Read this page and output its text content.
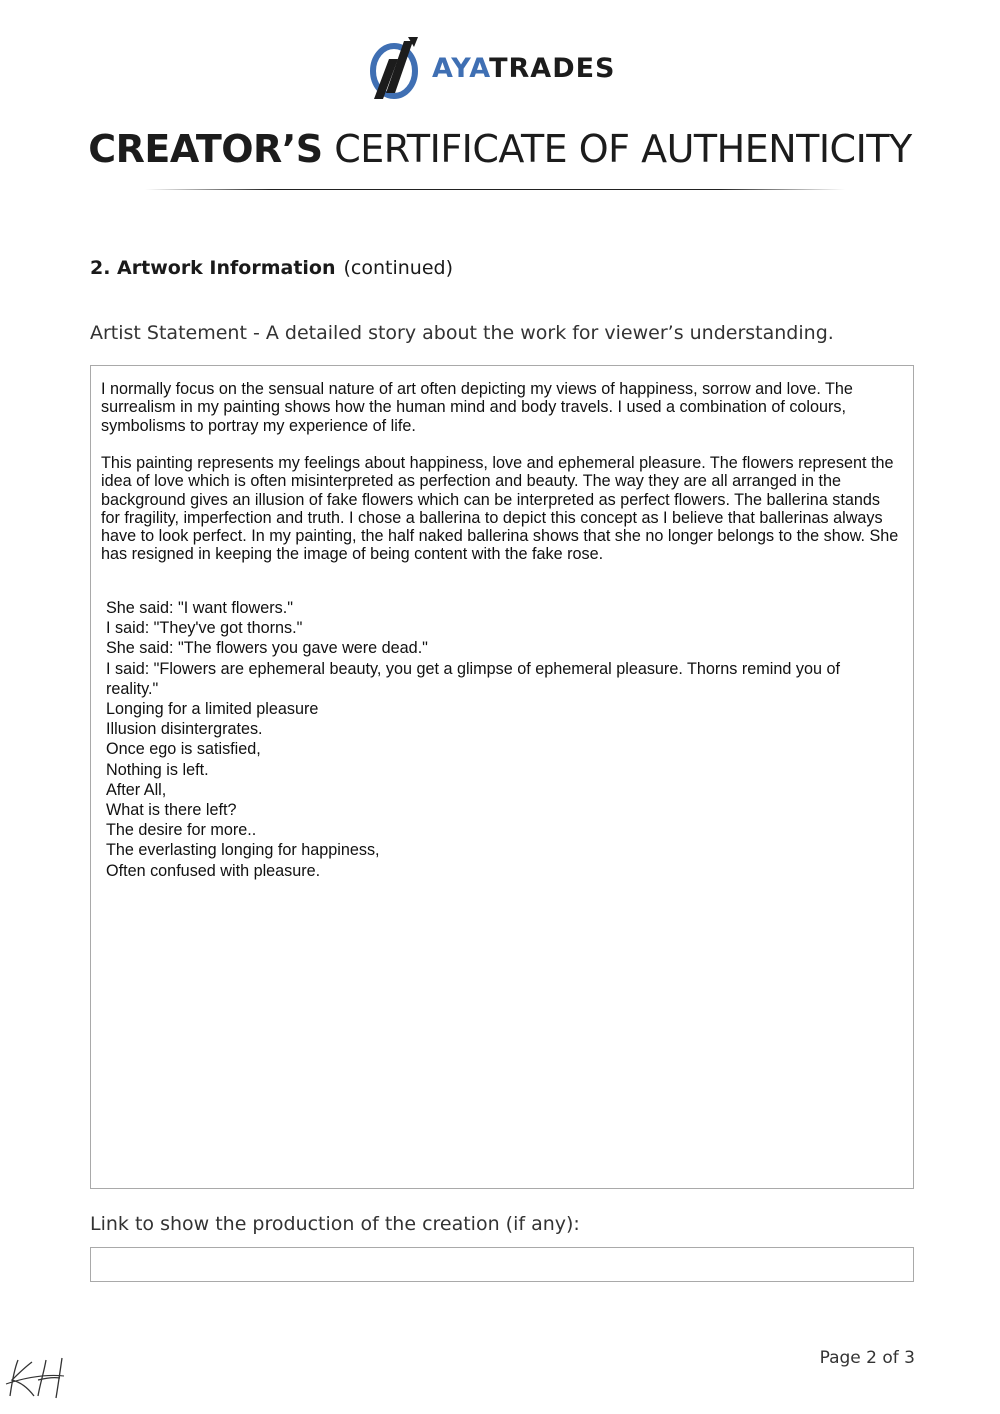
AYATRADES
CREATOR’S CERTIFICATE OF AUTHENTICITY
2. Artwork Information (continued)
Artist Statement - A detailed story about the work for viewer’s understanding.

I normally focus on the sensual nature of art often depicting my views of happiness, sorrow and love. The surrealism in my painting shows how the human mind and body travels. I used a combination of colours, symbolisms to portray my experience of life.

This painting represents my feelings about happiness, love and ephemeral pleasure. The flowers represent the idea of love which is often misinterpreted as perfection and beauty. The way they are all arranged in the background gives an illusion of fake flowers which can be interpreted as perfect flowers. The ballerina stands for fragility, imperfection and truth. I chose a ballerina to depict this concept as I believe that ballerinas always have to look perfect. In my painting, the half naked ballerina shows that she no longer belongs to the show. She has resigned in keeping the image of being content with the fake rose.

She said: "I want flowers."
I said: "They've got thorns."
She said: "The flowers you gave were dead."
I said: "Flowers are ephemeral beauty, you get a glimpse of ephemeral pleasure. Thorns remind you of reality."
Longing for a limited pleasure
Illusion disintergrates.
Once ego is satisfied,
Nothing is left.
After All,
What is there left?
The desire for more..
The everlasting longing for happiness,
Often confused with pleasure.
Link to show the production of the creation (if any):
Page 2 of 3
